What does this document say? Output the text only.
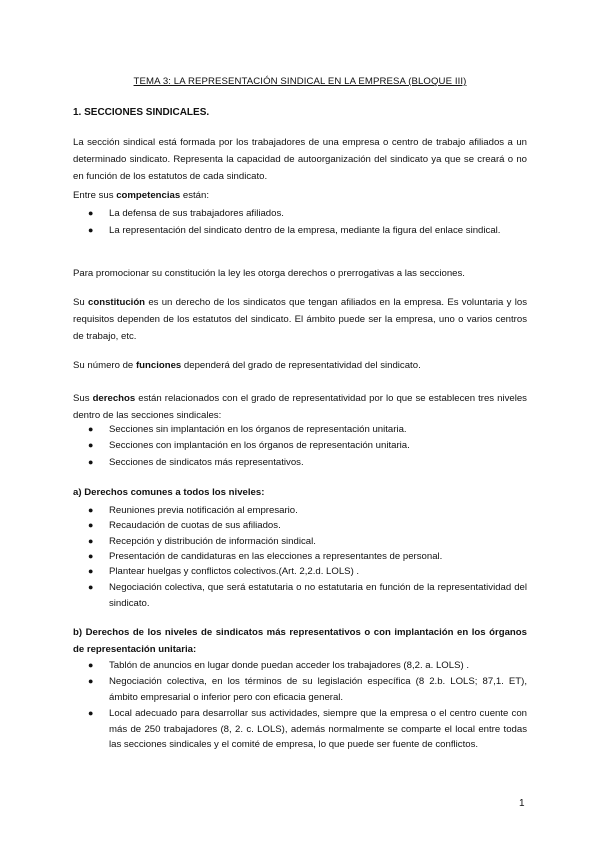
TEMA 3: LA REPRESENTACIÓN SINDICAL EN LA EMPRESA (BLOQUE III)
1. SECCIONES SINDICALES.
La sección sindical está formada por los trabajadores de una empresa o centro de trabajo afiliados a un determinado sindicato. Representa la capacidad de autoorganización del sindicato ya que se creará o no en función de los estatutos de cada sindicato.
Entre sus competencias están:
● La defensa de sus trabajadores afiliados.
● La representación del sindicato dentro de la empresa, mediante la figura del enlace sindical.
Para promocionar su constitución la ley les otorga derechos o prerrogativas a las secciones.
Su constitución es un derecho de los sindicatos que tengan afiliados en la empresa. Es voluntaria y los requisitos dependen de los estatutos del sindicato. El ámbito puede ser la empresa, uno o varios centros de trabajo, etc.
Su número de funciones dependerá del grado de representatividad del sindicato.
Sus derechos están relacionados con el grado de representatividad por lo que se establecen tres niveles dentro de las secciones sindicales:
● Secciones sin implantación en los órganos de representación unitaria.
● Secciones con implantación en los órganos de representación unitaria.
● Secciones de sindicatos más representativos.
a) Derechos comunes a todos los niveles:
● Reuniones previa notificación al empresario.
● Recaudación de cuotas de sus afiliados.
● Recepción y distribución de información sindical.
● Presentación de candidaturas en las elecciones a representantes de personal.
● Plantear huelgas y conflictos colectivos.(Art. 2,2.d. LOLS) .
● Negociación colectiva, que será estatutaria o no estatutaria en función de la representatividad del sindicato.
b) Derechos de los niveles de sindicatos más representativos o con implantación en los órganos de representación unitaria:
● Tablón de anuncios en lugar donde puedan acceder los trabajadores (8,2. a. LOLS) .
● Negociación colectiva, en los términos de su legislación específica (8 2.b. LOLS; 87,1. ET), ámbito empresarial o inferior pero con eficacia general.
● Local adecuado para desarrollar sus actividades, siempre que la empresa o el centro cuente con más de 250 trabajadores (8, 2. c. LOLS), además normalmente se comparte el local entre todas las secciones sindicales y el comité de empresa, lo que puede ser fuente de conflictos.
1
